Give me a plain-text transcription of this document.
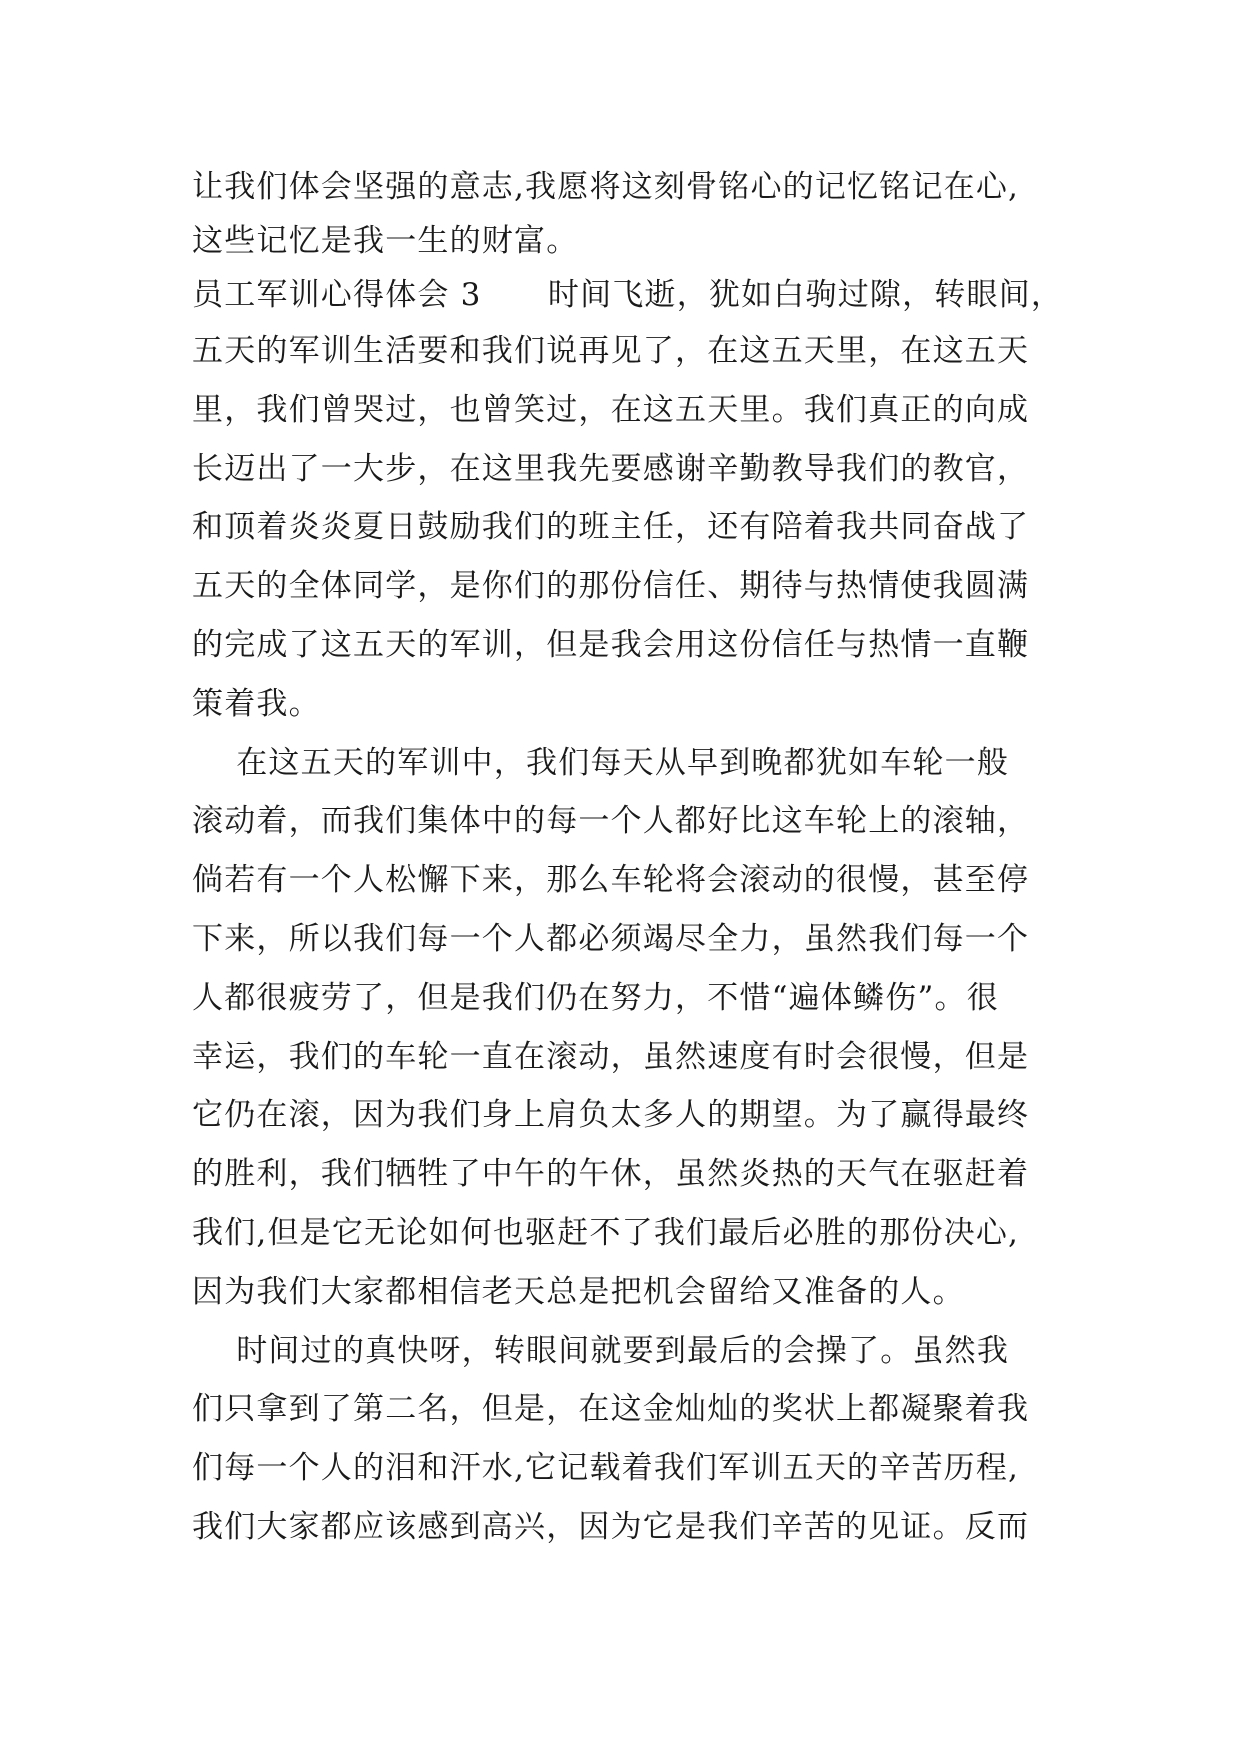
让我们体会坚强的意志,我愿将这刻骨铭心的记忆铭记在心,
这些记忆是我一生的财富。
员工军训心得体会 3      时间飞逝，犹如白驹过隙，转眼间，
五天的军训生活要和我们说再见了，在这五天里，在这五天
里，我们曾哭过，也曾笑过，在这五天里。我们真正的向成
长迈出了一大步，在这里我先要感谢辛勤教导我们的教官，
和顶着炎炎夏日鼓励我们的班主任，还有陪着我共同奋战了
五天的全体同学，是你们的那份信任、期待与热情使我圆满
的完成了这五天的军训，但是我会用这份信任与热情一直鞭
策着我。
在这五天的军训中，我们每天从早到晚都犹如车轮一般
滚动着，而我们集体中的每一个人都好比这车轮上的滚轴，
倘若有一个人松懈下来，那么车轮将会滚动的很慢，甚至停
下来，所以我们每一个人都必须竭尽全力，虽然我们每一个
人都很疲劳了，但是我们仍在努力，不惜“遍体鳞伤”。很
幸运，我们的车轮一直在滚动，虽然速度有时会很慢，但是
它仍在滚，因为我们身上肩负太多人的期望。为了赢得最终
的胜利，我们牺牲了中午的午休，虽然炎热的天气在驱赶着
我们,但是它无论如何也驱赶不了我们最后必胜的那份决心,
因为我们大家都相信老天总是把机会留给又准备的人。
时间过的真快呀，转眼间就要到最后的会操了。虽然我
们只拿到了第二名，但是，在这金灿灿的奖状上都凝聚着我
们每一个人的泪和汗水,它记载着我们军训五天的辛苦历程,
我们大家都应该感到高兴，因为它是我们辛苦的见证。反而
